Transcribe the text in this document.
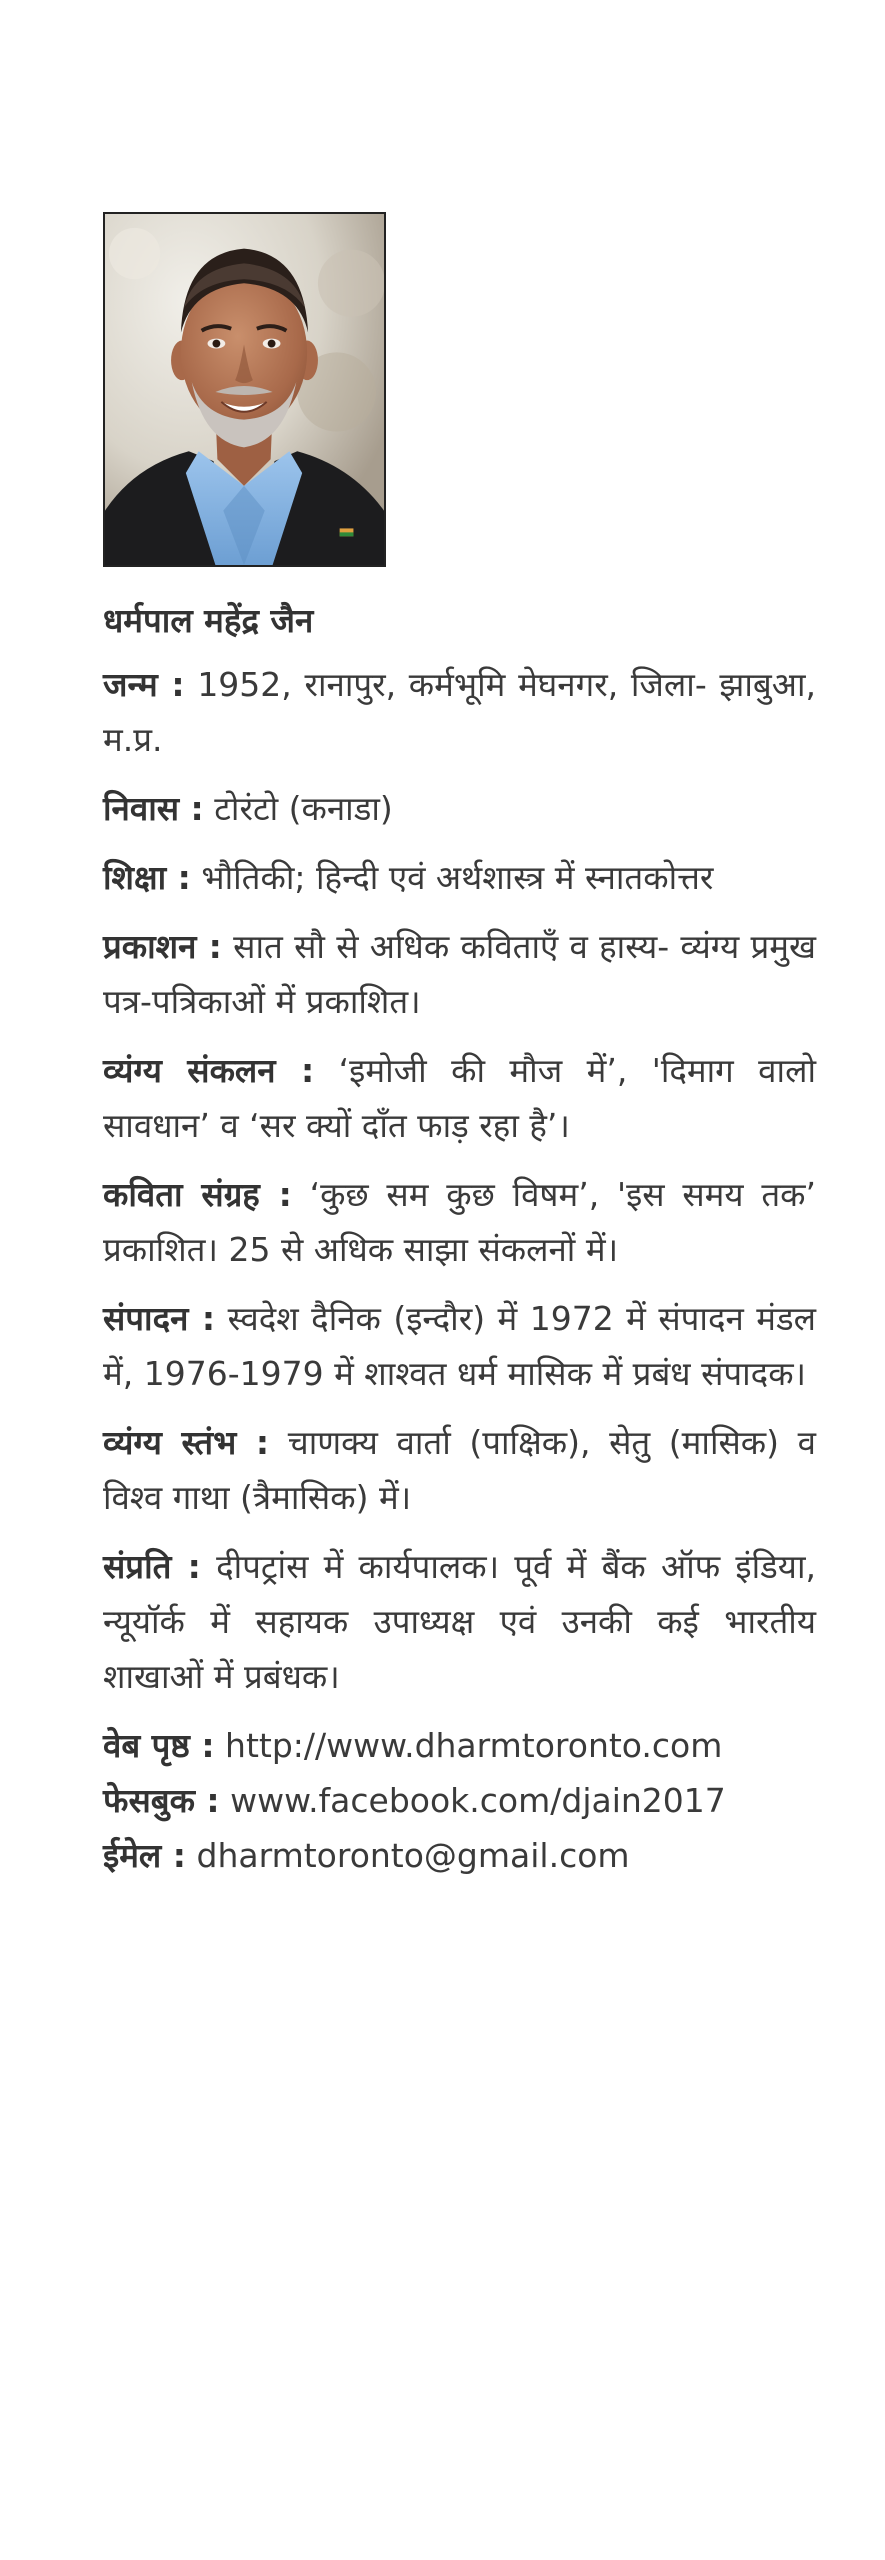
धर्मपाल महेंद्र जैन

जन्म : 1952, रानापुर, कर्मभूमि मेघनगर, जिला- झाबुआ, म.प्र.

निवास : टोरंटो (कनाडा)

शिक्षा : भौतिकी; हिन्दी एवं अर्थशास्त्र में स्नातकोत्तर

प्रकाशन : सात सौ से अधिक कविताएँ व हास्य- व्यंग्य प्रमुख पत्र-पत्रिकाओं में प्रकाशित।

व्यंग्य संकलन : ‘इमोजी की मौज में’, 'दिमाग वालो सावधान’ व ‘सर क्यों दाँत फाड़ रहा है’।

कविता संग्रह : ‘कुछ सम कुछ विषम’, 'इस समय तक’ प्रकाशित। 25 से अधिक साझा संकलनों में।

संपादन : स्वदेश दैनिक (इन्दौर) में 1972 में संपादन मंडल में, 1976-1979 में शाश्वत धर्म मासिक में प्रबंध संपादक।

व्यंग्य स्तंभ : चाणक्य वार्ता (पाक्षिक), सेतु (मासिक) व विश्व गाथा (त्रैमासिक) में।

संप्रति : दीपट्रांस में कार्यपालक। पूर्व में बैंक ऑफ इंडिया, न्यूयॉर्क में सहायक उपाध्यक्ष एवं उनकी कई भारतीय शाखाओं में प्रबंधक।

वेब पृष्ठ : http://www.dharmtoronto.com

फेसबुक : www.facebook.com/djain2017

ईमेल : dharmtoronto@gmail.com
